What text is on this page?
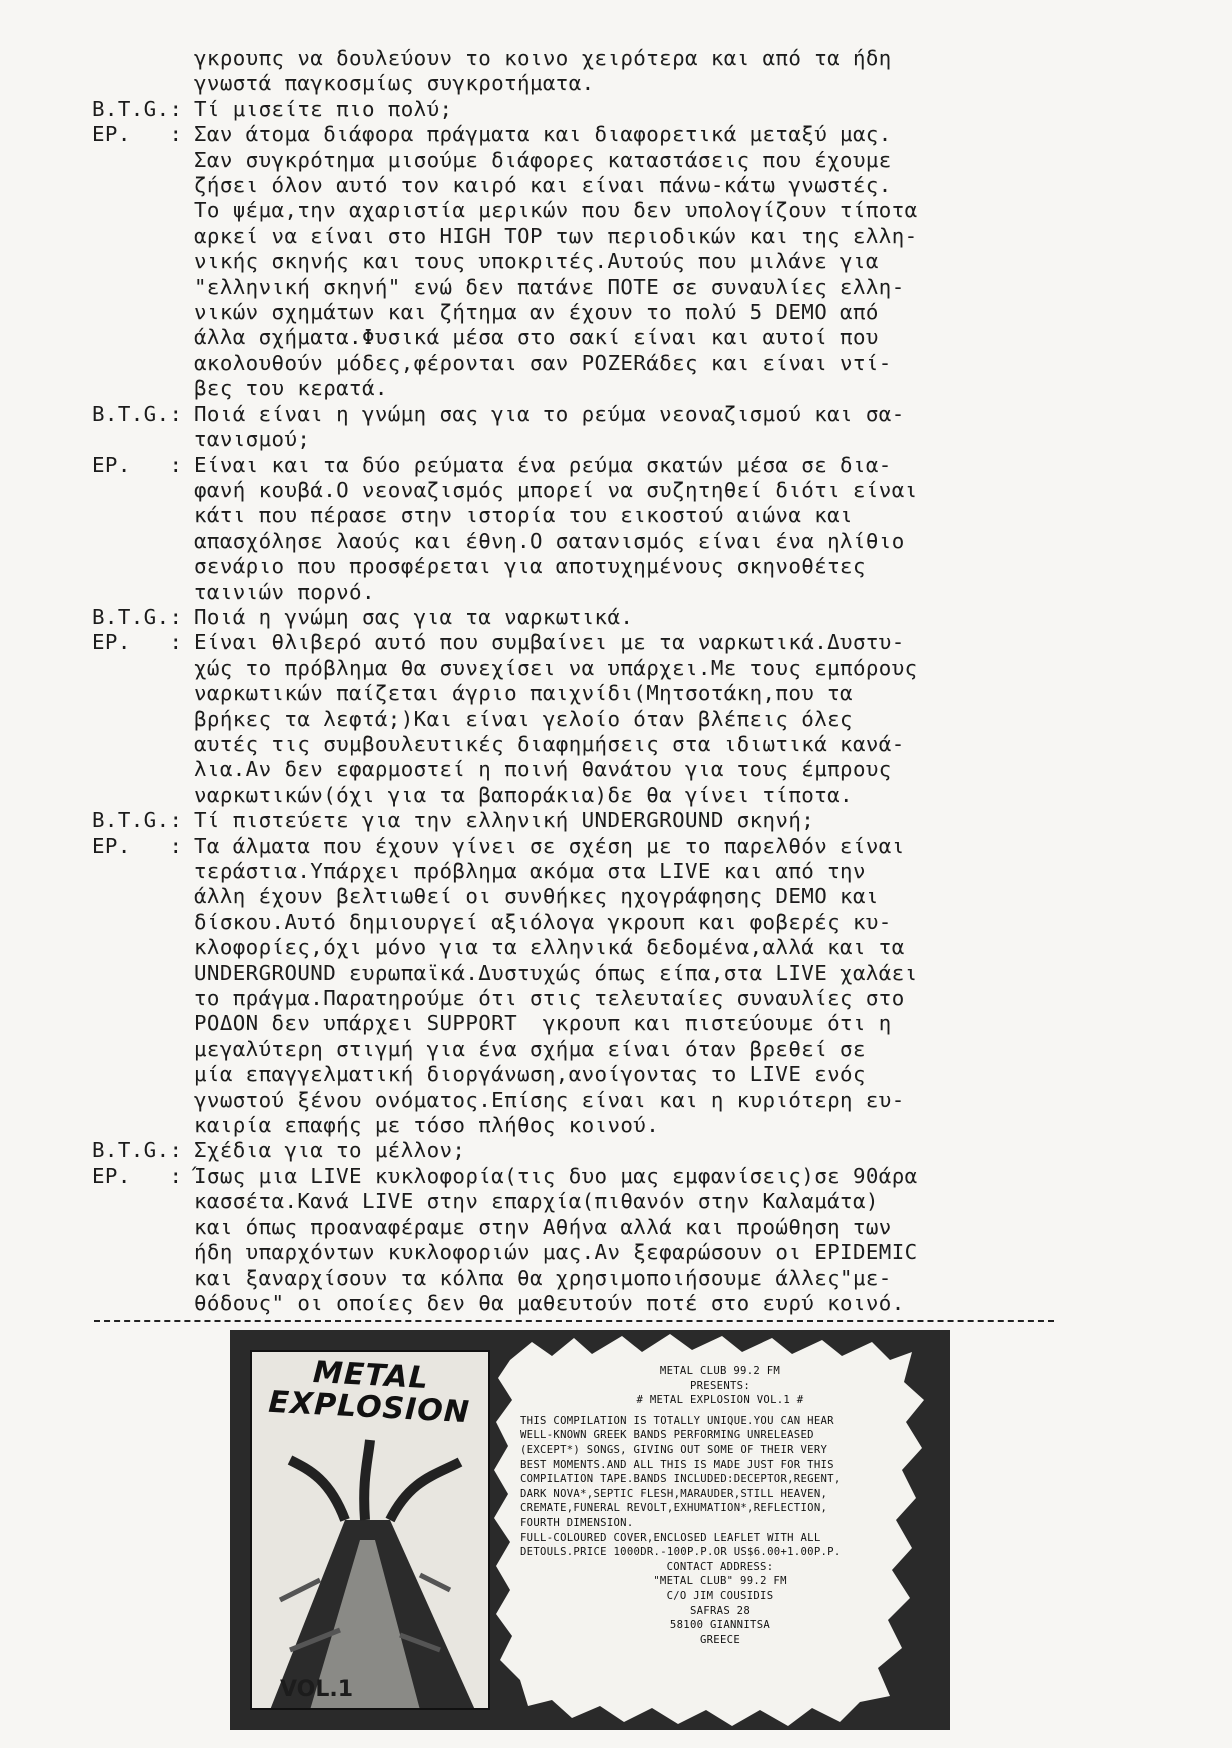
γκρουπς να δουλεύουν το κοινο χειρότερα και από τα ήδη
γνωστά παγκοσμίως συγκροτήματα.
B.T.G.: Τί μισείτε πιο πολύ;
EP.   : Σαν άτομα διάφορα πράγματα και διαφορετικά μεταξύ μας.
Σαν συγκρότημα μισούμε διάφορες καταστάσεις που έχουμε
ζήσει όλον αυτό τον καιρό και είναι πάνω-κάτω γνωστές.
Το ψέμα,την αχαριστία μερικών που δεν υπολογίζουν τίποτα
αρκεί να είναι στο HIGH TOP των περιοδικών και της ελλη-
νικής σκηνής και τους υποκριτές.Αυτούς που μιλάνε για
"ελληνική σκηνή" ενώ δεν πατάνε ΠΟΤΕ σε συναυλίες ελλη-
νικών σχημάτων και ζήτημα αν έχουν το πολύ 5 DEMO από
άλλα σχήματα.Φυσικά μέσα στο σακί είναι και αυτοί που
ακολουθούν μόδες,φέρονται σαν POZERάδες και είναι ντί-
βες του κερατά.
B.T.G.: Ποιά είναι η γνώμη σας για το ρεύμα νεοναζισμού και σα-
τανισμού;
EP.   : Είναι και τα δύο ρεύματα ένα ρεύμα σκατών μέσα σε δια-
φανή κουβά.Ο νεοναζισμός μπορεί να συζητηθεί διότι είναι
κάτι που πέρασε στην ιστορία του εικοστού αιώνα και
απασχόλησε λαούς και έθνη.Ο σατανισμός είναι ένα ηλίθιο
σενάριο που προσφέρεται για αποτυχημένους σκηνοθέτες
ταινιών πορνό.
B.T.G.: Ποιά η γνώμη σας για τα ναρκωτικά.
EP.   : Είναι θλιβερό αυτό που συμβαίνει με τα ναρκωτικά.Δυστυ-
χώς το πρόβλημα θα συνεχίσει να υπάρχει.Με τους εμπόρους
ναρκωτικών παίζεται άγριο παιχνίδι(Μητσοτάκη,που τα
βρήκες τα λεφτά;)Και είναι γελοίο όταν βλέπεις όλες
αυτές τις συμβουλευτικές διαφημήσεις στα ιδιωτικά κανά-
λια.Αν δεν εφαρμοστεί η ποινή θανάτου για τους έμπρους
ναρκωτικών(όχι για τα βαποράκια)δε θα γίνει τίποτα.
B.T.G.: Τί πιστεύετε για την ελληνική UNDERGROUND σκηνή;
EP.   : Τα άλματα που έχουν γίνει σε σχέση με το παρελθόν είναι
τεράστια.Υπάρχει πρόβλημα ακόμα στα LIVE και από την
άλλη έχουν βελτιωθεί οι συνθήκες ηχογράφησης DEMO και
δίσκου.Αυτό δημιουργεί αξιόλογα γκρουπ και φοβερές κυ-
κλοφορίες,όχι μόνο για τα ελληνικά δεδομένα,αλλά και τα
UNDERGROUND ευρωπαϊκά.Δυστυχώς όπως είπα,στα LIVE χαλάει
το πράγμα.Παρατηρούμε ότι στις τελευταίες συναυλίες στο
ΡΟΔΟΝ δεν υπάρχει SUPPORT  γκρουπ και πιστεύουμε ότι η
μεγαλύτερη στιγμή για ένα σχήμα είναι όταν βρεθεί σε
μία επαγγελματική διοργάνωση,ανοίγοντας το LIVE ενός
γνωστού ξένου ονόματος.Επίσης είναι και η κυριότερη ευ-
καιρία επαφής με τόσο πλήθος κοινού.
B.T.G.: Σχέδια για το μέλλον;
EP.   : Ίσως μια LIVE κυκλοφορία(τις δυο μας εμφανίσεις)σε 90άρα
κασσέτα.Κανά LIVE στην επαρχία(πιθανόν στην Καλαμάτα)
και όπως προαναφέραμε στην Αθήνα αλλά και προώθηση των
ήδη υπαρχόντων κυκλοφοριών μας.Αν ξεφαρώσουν οι EPIDEMIC
και ξαναρχίσουν τα κόλπα θα χρησιμοποιήσουμε άλλες"με-
θόδους" οι οποίες δεν θα μαθευτούν ποτέ στο ευρύ κοινό.
METAL EXPLOSION
VOL.1
METAL CLUB 99.2 FM
PRESENTS:
# METAL EXPLOSION VOL.1 #
THIS COMPILATION IS TOTALLY UNIQUE.YOU CAN HEAR
WELL-KNOWN GREEK BANDS PERFORMING UNRELEASED
(EXCEPT*) SONGS, GIVING OUT SOME OF THEIR VERY
BEST MOMENTS.AND ALL THIS IS MADE JUST FOR THIS
COMPILATION TAPE.BANDS INCLUDED:DECEPTOR,REGENT,
DARK NOVA*,SEPTIC FLESH,MARAUDER,STILL HEAVEN,
CREMATE,FUNERAL REVOLT,EXHUMATION*,REFLECTION,
FOURTH DIMENSION.
FULL-COLOURED COVER,ENCLOSED LEAFLET WITH ALL
DETOULS.PRICE 1000DR.-100P.P.OR US$6.00+1.00P.P.
CONTACT ADDRESS:
"METAL CLUB" 99.2 FM
C/O JIM COUSIDIS
SAFRAS 28
58100 GIANNITSA
GREECE
